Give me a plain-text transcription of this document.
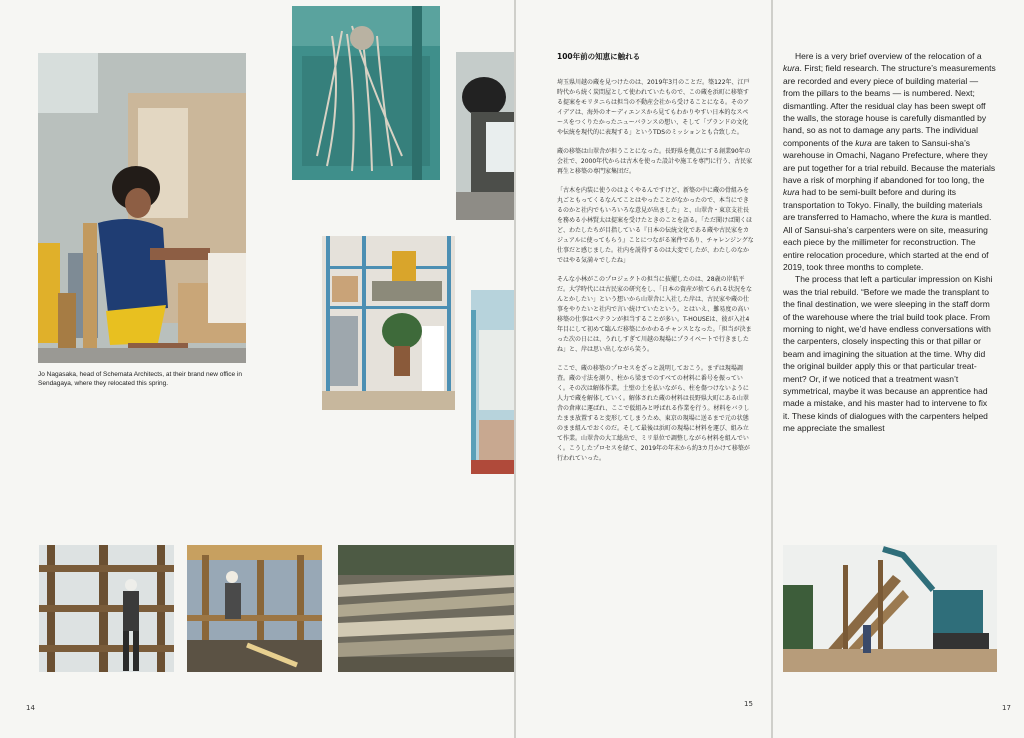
Jo Nagasaka, head of Schemata Architects, at their brand new office in Sendagaya, where they relocated this spring.
14
100年前の知恵に触れる

埼玉県川越の蔵を見つけたのは、2019年3月のことだ。築122年、江戸時代から続く炭問屋として使われていたもので、この蔵を浜町に移築する提案をモリタニらは担当の不動産会社から受けることになる。そのアイデアは、海外のオーディエンスから見てもわかりやすい日本的なスペースをつくりたかったニューバランスの想い、そして「ブランドの文化や伝統を現代的に表現する」というTDSのミッションとも合致した。

蔵の移築は山翠舎が担うことになった。長野県を拠点にする創業90年の会社で、2000年代からは古木を使った設計や施工を専門に行う、古民家再生と移築の専門家集団だ。

「古木を内装に使うのはよくやるんですけど、新築の中に蔵の骨組みを丸ごともってくるなんてことはやったことがなかったので、本当にできるのかと社内でもいろいろな意見が出ました」と、山翠舎・東京支社長を務める小林賢太は提案を受けたときのことを語る。「ただ聞けば聞くほど、わたしたちが目指している『日本の伝統文化である蔵や古民家をカジュアルに使ってもらう』ことにつながる案件であり、チャレンジングな仕事だと感じました。社内を説得するのは大変でしたが、わたしのなかではやる気満々でしたね」

そんな小林がこのプロジェクトの担当に抜擢したのは、28歳の岸航平だ。大学時代には古民家の研究をし、「日本の資産が捨てられる状況をなんとかしたい」という想いから山翠舎に入社した岸は、古民家や蔵の仕事をやりたいと社内で言い続けていたという。とはいえ、難易度の高い移築の仕事はベテランが担当することが多い。T-HOUSEは、彼が入社4年目にして初めて臨んだ移築にかかわるチャンスとなった。「担当が決まった次の日には、うれしすぎて川越の現場にプライベートで行きましたね」と、岸は思い出しながら笑う。

ここで、蔵の移築のプロセスをざっと説明しておこう。まずは現場調査。蔵の寸法を測り、柱から梁までのすべての材料に番号を振っていく。その次は解体作業。土壁の土を払いながら、柱を傷つけないように人力で蔵を解体していく。解体された蔵の材料は長野県大町にある山翠舎の倉庫に運ばれ、ここで仮組みと呼ばれる作業を行う。材料をバラしたまま放置すると変形してしまうため、東京の現場に送るまで元の状態のまま組んでおくのだ。そして最後は浜町の現場に材料を運び、組み立て作業。山翠舎の大工総出で、ミリ単位で調整しながら材料を組んでいく。こうしたプロセスを経て、2019年の年末から約3カ月かけて移築が行われていった。

15

Here is a very brief overview of the relocation of a kura. First; field research. The structure’s measurements are recorded and every piece of building material — from the pillars to the beams — is numbered. Next; dismantling. After the residual clay has been swept off the walls, the storage house is carefully dismantled by hand, so as not to damage any parts. The individual components of the kura are taken to Sansui-sha’s warehouse in Omachi, Nagano Prefecture, where they are put together for a trial rebuild. Because the materials have a risk of morphing if abandoned for too long, the kura had to be semi-built before and during its transportation to Tokyo. Finally, the building materials are transferred to Hamacho, where the kura is mantled. All of Sansui-sha’s carpenters were on site, measuring each piece by the millimeter for reconstruction. The entire relocation procedure, which started at the end of 2019, took three months to complete.

The process that left a particular impression on Kishi was the trial rebuild. “Before we made the transplant to the final destination, we were sleeping in the staff dorm of the warehouse where the trial build took place. From morning to night, we’d have endless conversations with the carpenters, closely inspecting this or that pillar or beam and imagining the situation at the time. Why did the original builder apply this or that particular treatment? Or, if we noticed that a treatment wasn’t symmetrical, maybe it was because an apprentice had made a mistake, and his master had to intervene to fix it. These kinds of dialogues with the carpenters helped me appreciate the smallest

17
